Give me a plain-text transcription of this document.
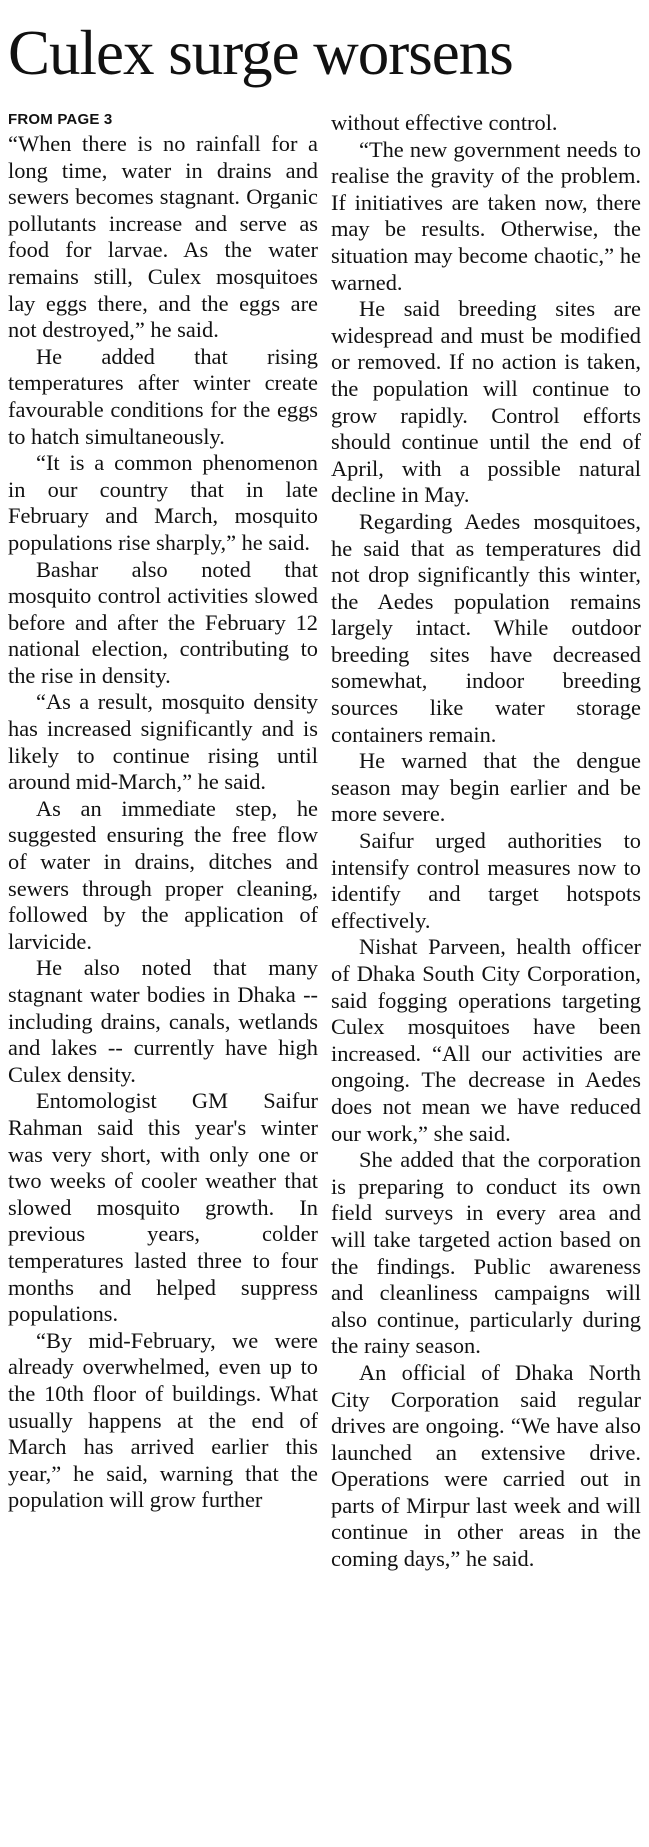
Culex surge worsens
FROM PAGE 3

“When there is no rainfall for a long time, water in drains and sewers becomes stagnant. Organic pollutants increase and serve as food for larvae. As the water remains still, Culex mosquitoes lay eggs there, and the eggs are not destroyed,” he said.

He added that rising temperatures after winter create favourable conditions for the eggs to hatch simultaneously.

“It is a common phenomenon in our country that in late February and March, mosquito populations rise sharply,” he said.

Bashar also noted that mosquito control activities slowed before and after the February 12 national election, contributing to the rise in density.

“As a result, mosquito density has increased significantly and is likely to continue rising until around mid-March,” he said.

As an immediate step, he suggested ensuring the free flow of water in drains, ditches and sewers through proper cleaning, followed by the application of larvicide.

He also noted that many stagnant water bodies in Dhaka -- including drains, canals, wetlands and lakes -- currently have high Culex density.

Entomologist GM Saifur Rahman said this year's winter was very short, with only one or two weeks of cooler weather that slowed mosquito growth. In previous years, colder temperatures lasted three to four months and helped suppress populations.

“By mid-February, we were already overwhelmed, even up to the 10th floor of buildings. What usually happens at the end of March has arrived earlier this year,” he said, warning that the population will grow further

without effective control.

“The new government needs to realise the gravity of the problem. If initiatives are taken now, there may be results. Otherwise, the situation may become chaotic,” he warned.

He said breeding sites are widespread and must be modified or removed. If no action is taken, the population will continue to grow rapidly. Control efforts should continue until the end of April, with a possible natural decline in May.

Regarding Aedes mosquitoes, he said that as temperatures did not drop significantly this winter, the Aedes population remains largely intact. While outdoor breeding sites have decreased somewhat, indoor breeding sources like water storage containers remain.

He warned that the dengue season may begin earlier and be more severe.

Saifur urged authorities to intensify control measures now to identify and target hotspots effectively.

Nishat Parveen, health officer of Dhaka South City Corporation, said fogging operations targeting Culex mosquitoes have been increased. “All our activities are ongoing. The decrease in Aedes does not mean we have reduced our work,” she said.

She added that the corporation is preparing to conduct its own field surveys in every area and will take targeted action based on the findings. Public awareness and cleanliness campaigns will also continue, particularly during the rainy season.

An official of Dhaka North City Corporation said regular drives are ongoing. “We have also launched an extensive drive. Operations were carried out in parts of Mirpur last week and will continue in other areas in the coming days,” he said.
